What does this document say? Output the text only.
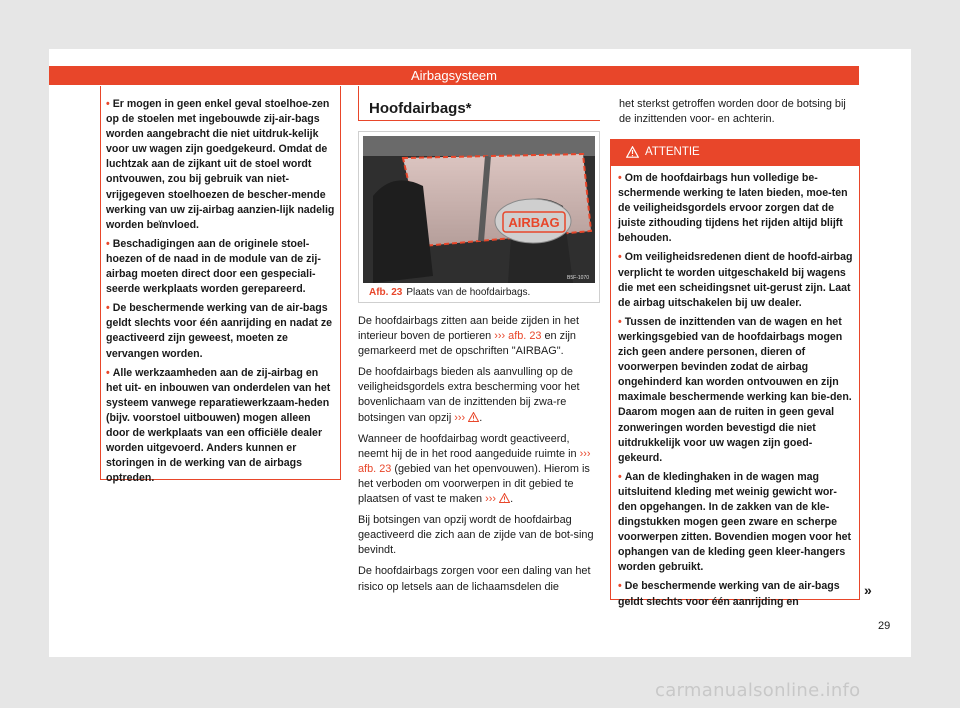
Airbagsysteem
• Er mogen in geen enkel geval stoelhoe-zen op de stoelen met ingebouwde zij-air-bags worden aangebracht die niet uitdruk-kelijk voor uw wagen zijn goedgekeurd. Omdat de luchtzak aan de zijkant uit de stoel wordt ontvouwen, zou bij gebruik van niet-vrijgegeven stoelhoezen de bescher-mende werking van uw zij-airbag aanzien-lijk nadelig worden beïnvloed.
• Beschadigingen aan de originele stoel-hoezen of de naad in de module van de zij-airbag moeten direct door een gespeciali-seerde werkplaats worden gerepareerd.
• De beschermende werking van de air-bags geldt slechts voor één aanrijding en nadat ze geactiveerd zijn geweest, moeten ze vervangen worden.
• Alle werkzaamheden aan de zij-airbag en het uit- en inbouwen van onderdelen van het systeem vanwege reparatiewerkzaam-heden (bijv. voorstoel uitbouwen) mogen alleen door de werkplaats van een officiële dealer worden uitgevoerd. Anders kunnen er storingen in de werking van de airbags optreden.
Hoofdairbags*
AIRBAG
B5F-1070
Afb. 23 Plaats van de hoofdairbags.

De hoofdairbags zitten aan beide zijden in het interieur boven de portieren ››› afb. 23 en zijn gemarkeerd met de opschriften "AIRBAG".

De hoofdairbags bieden als aanvulling op de veiligheidsgordels extra bescherming voor het bovenlichaam van de inzittenden bij zwa-re botsingen van opzij ››› .

Wanneer de hoofdairbag wordt geactiveerd, neemt hij de in het rood aangeduide ruimte in ››› afb. 23 (gebied van het openvouwen). Hierom is het verboden om voorwerpen in dit gebied te plaatsen of vast te maken ››› .

Bij botsingen van opzij wordt de hoofdairbag geactiveerd die zich aan de zijde van de bot-sing bevindt.

De hoofdairbags zorgen voor een daling van het risico op letsels aan de lichaamsdelen die

het sterkst getroffen worden door de botsing bij de inzittenden voor- en achterin.
ATTENTIE
• Om de hoofdairbags hun volledige be-schermende werking te laten bieden, moe-ten de veiligheidsgordels ervoor zorgen dat de juiste zithouding tijdens het rijden altijd blijft behouden.
• Om veiligheidsredenen dient de hoofd-airbag verplicht te worden uitgeschakeld bij wagens die met een scheidingsnet uit-gerust zijn. Laat de airbag uitschakelen bij uw dealer.
• Tussen de inzittenden van de wagen en het werkingsgebied van de hoofdairbags mogen zich geen andere personen, dieren of voorwerpen bevinden zodat de airbag ongehinderd kan worden ontvouwen en zijn maximale beschermende werking kan bie-den. Daarom mogen aan de ruiten in geen geval zonweringen worden bevestigd die niet uitdrukkelijk voor uw wagen zijn goed-gekeurd.
• Aan de kledinghaken in de wagen mag uitsluitend kleding met weinig gewicht wor-den opgehangen. In de zakken van de kle-dingstukken mogen geen zware en scherpe voorwerpen zitten. Bovendien mogen voor het ophangen van de kleding geen kleer-hangers worden gebruikt.
• De beschermende werking van de air-bags geldt slechts voor één aanrijding en
»
29
carmanualsonline.info
